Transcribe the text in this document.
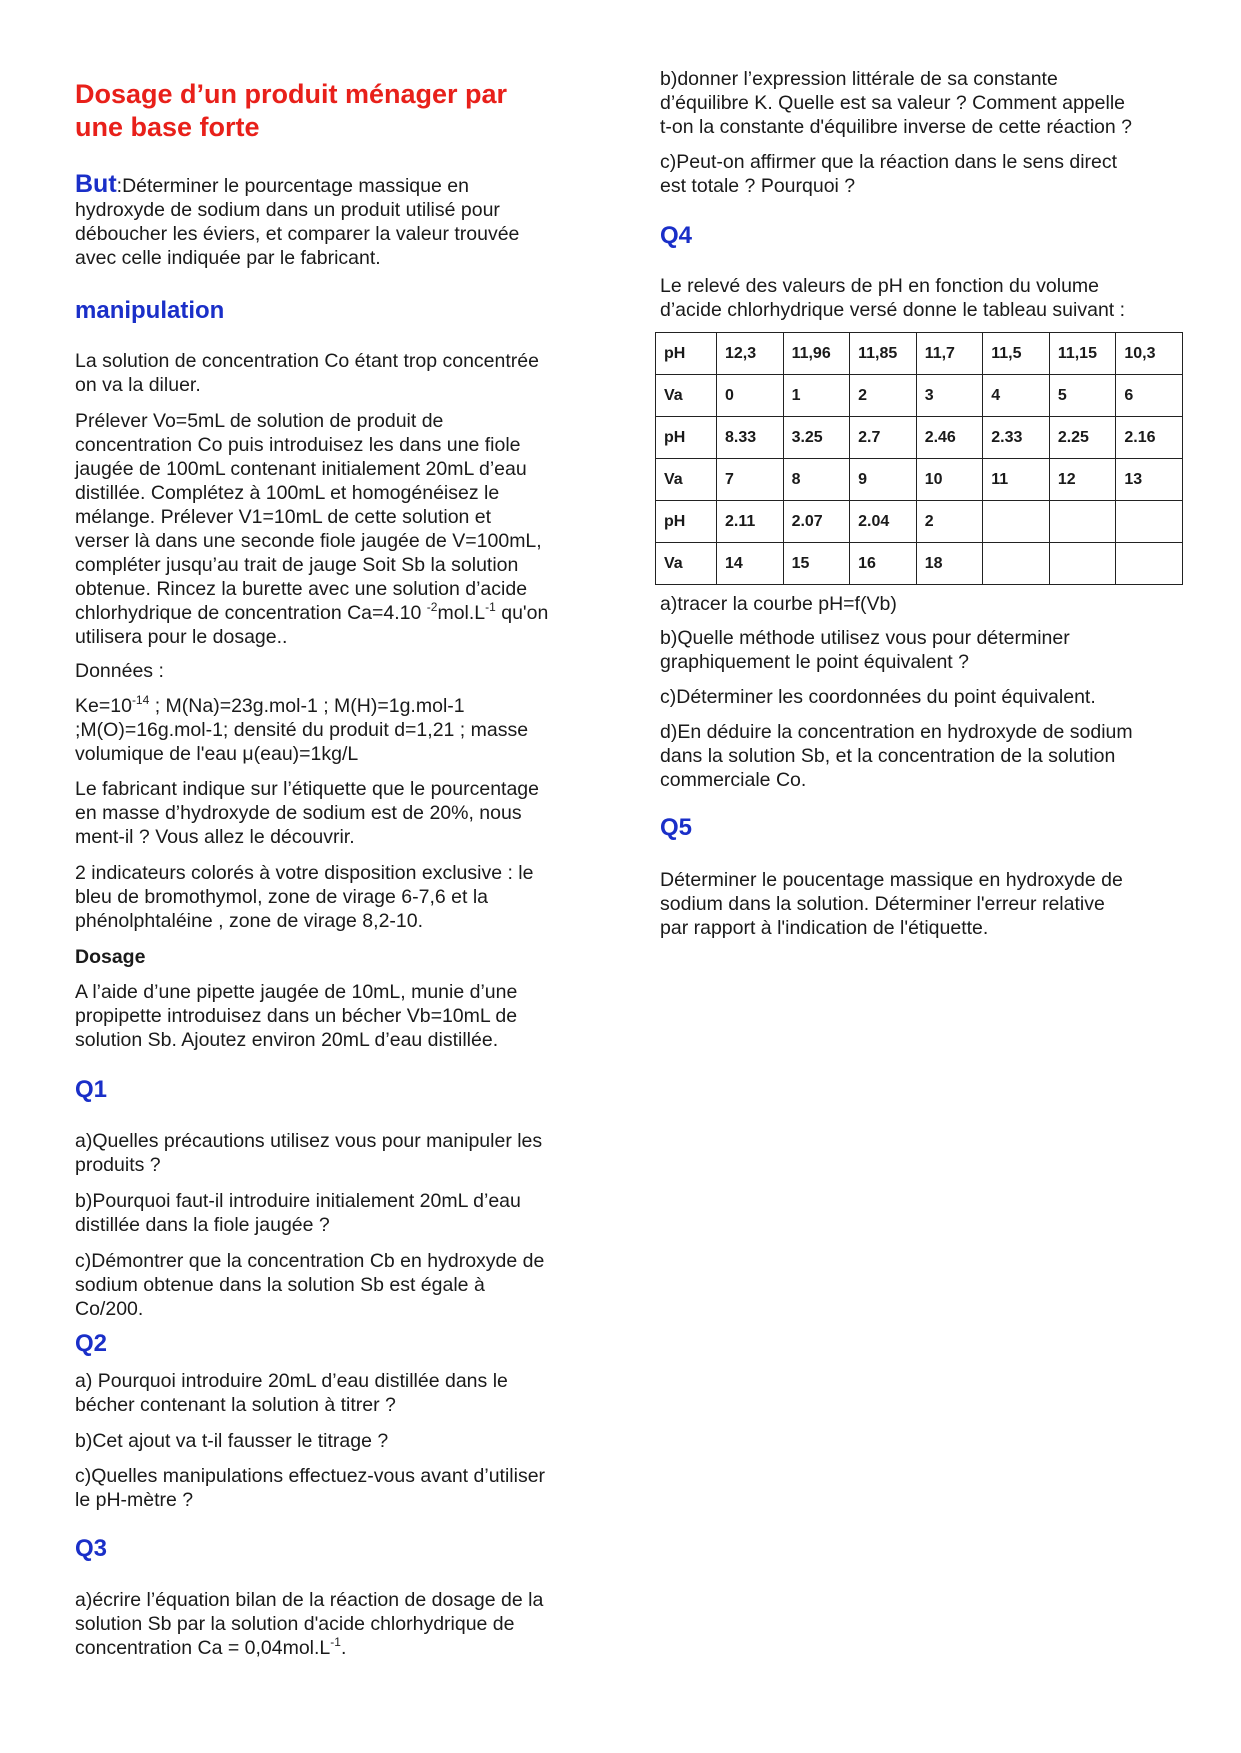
Dosage d’un produit ménager par
une base forte

But:Déterminer le pourcentage massique en
hydroxyde de sodium dans un produit utilisé pour
déboucher les éviers, et comparer la valeur trouvée
avec celle indiquée par le fabricant.

manipulation

La solution de concentration Co étant trop concentrée
on va la diluer.

Prélever Vo=5mL de solution de produit de
concentration Co puis introduisez les dans une fiole
jaugée de 100mL contenant initialement 20mL d’eau
distillée. Complétez à 100mL et homogénéisez le
mélange. Prélever V1=10mL de cette solution et
verser là dans une seconde fiole jaugée de V=100mL,
compléter jusqu’au trait de jauge Soit Sb la solution
obtenue. Rincez la burette avec une solution d’acide
chlorhydrique de concentration Ca=4.10 $^{-2}mol.L^{-1}$ qu'on
utilisera pour le dosage..

Données :

$Ke=10^{-14}$ ; M(Na)=23g.mol-1 ; M(H)=1g.mol-1
;M(O)=16g.mol-1; densité du produit d=1,21 ; masse
volumique de l'eau μ(eau)=1kg/L

Le fabricant indique sur l’étiquette que le pourcentage
en masse d’hydroxyde de sodium est de 20%, nous
ment-il ? Vous allez le découvrir.

2 indicateurs colorés à votre disposition exclusive : le
bleu de bromothymol, zone de virage 6-7,6 et la
phénolphtaléine , zone de virage 8,2-10.

Dosage

A l’aide d’une pipette jaugée de 10mL, munie d’une
propipette introduisez dans un bécher Vb=10mL de
solution Sb. Ajoutez environ 20mL d’eau distillée.

Q1

a)Quelles précautions utilisez vous pour manipuler les
produits ?

b)Pourquoi faut-il introduire initialement 20mL d’eau
distillée dans la fiole jaugée ?

c)Démontrer que la concentration Cb en hydroxyde de
sodium obtenue dans la solution Sb est égale à
Co/200.

Q2

a) Pourquoi introduire 20mL d’eau distillée dans le
bécher contenant la solution à titrer ?

b)Cet ajout va t-il fausser le titrage ?

c)Quelles manipulations effectuez-vous avant d’utiliser
le pH-mètre ?

Q3

a)écrire l’équation bilan de la réaction de dosage de la
solution Sb par la solution d'acide chlorhydrique de
concentration $Ca = 0,04mol.L^{-1}$.

b)donner l’expression littérale de sa constante
d’équilibre K. Quelle est sa valeur ? Comment appelle
t-on la constante d'équilibre inverse de cette réaction ?

c)Peut-on affirmer que la réaction dans le sens direct
est totale ? Pourquoi ?

Q4

Le relevé des valeurs de pH en fonction du volume
d’acide chlorhydrique versé donne le tableau suivant :

pH	12,3	11,96	11,85	11,7	11,5	11,15	10,3
Va	0	1	2	3	4	5	6
pH	8.33	3.25	2.7	2.46	2.33	2.25	2.16
Va	7	8	9	10	11	12	13
pH	2.11	2.07	2.04	2			
Va	14	15	16	18			

a)tracer la courbe pH=f(Vb)

b)Quelle méthode utilisez vous pour déterminer
graphiquement le point équivalent ?

c)Déterminer les coordonnées du point équivalent.

d)En déduire la concentration en hydroxyde de sodium
dans la solution Sb, et la concentration de la solution
commerciale Co.

Q5

Déterminer le poucentage massique en hydroxyde de
sodium dans la solution. Déterminer l'erreur relative
par rapport à l'indication de l'étiquette.
